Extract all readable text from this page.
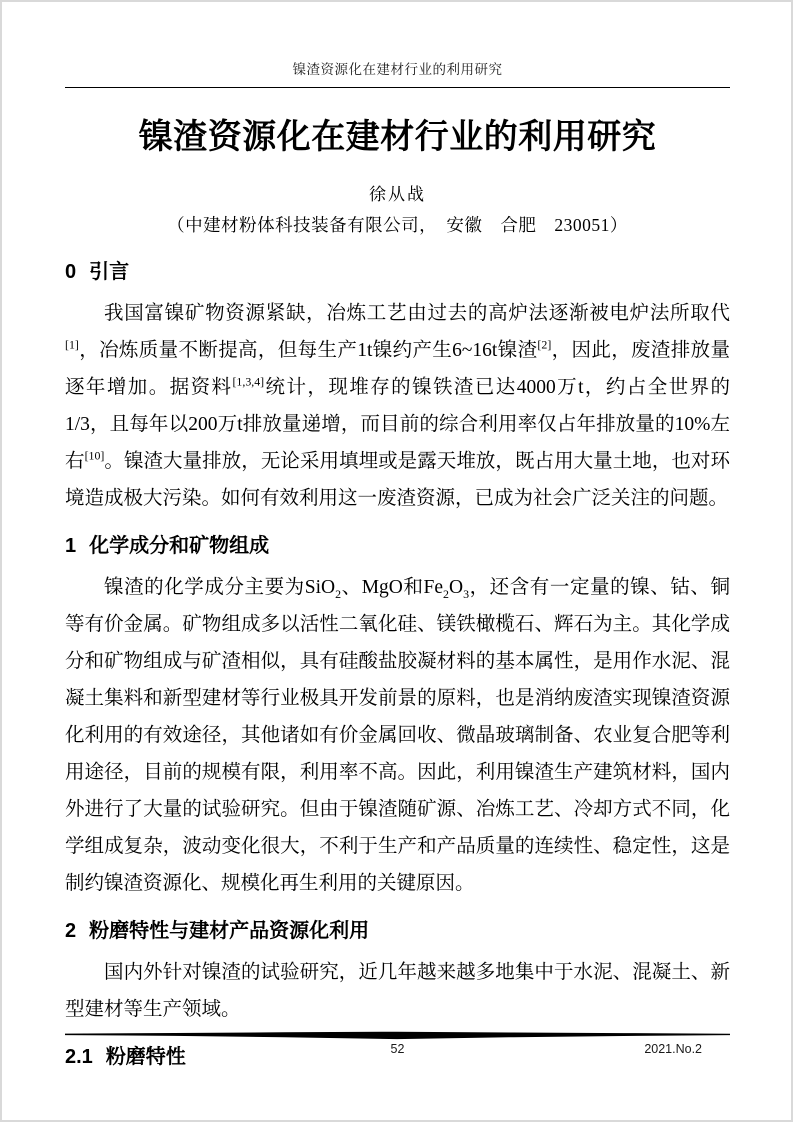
镍渣资源化在建材行业的利用研究
镍渣资源化在建材行业的利用研究
徐从战
（中建材粉体科技装备有限公司，　安徽　合肥　230051）
0 引言

我国富镍矿物资源紧缺，冶炼工艺由过去的高炉法逐渐被电炉法所取代[1]，冶炼质量不断提高，但每生产1t镍约产生6~16t镍渣[2]，因此，废渣排放量逐年增加。据资料[1,3,4]统计，现堆存的镍铁渣已达4000万t，约占全世界的1/3，且每年以200万t排放量递增，而目前的综合利用率仅占年排放量的10%左右[10]。镍渣大量排放，无论采用填埋或是露天堆放，既占用大量土地，也对环境造成极大污染。如何有效利用这一废渣资源，已成为社会广泛关注的问题。

1 化学成分和矿物组成

镍渣的化学成分主要为SiO$_2$、MgO和$Fe_2O_3$，还含有一定量的镍、钴、铜等有价金属。矿物组成多以活性二氧化硅、镁铁橄榄石、辉石为主。其化学成分和矿物组成与矿渣相似，具有硅酸盐胶凝材料的基本属性，是用作水泥、混凝土集料和新型建材等行业极具开发前景的原料，也是消纳废渣实现镍渣资源化利用的有效途径，其他诸如有价金属回收、微晶玻璃制备、农业复合肥等利用途径，目前的规模有限，利用率不高。因此，利用镍渣生产建筑材料，国内外进行了大量的试验研究。但由于镍渣随矿源、冶炼工艺、冷却方式不同，化学组成复杂，波动变化很大，不利于生产和产品质量的连续性、稳定性，这是制约镍渣资源化、规模化再生利用的关键原因。

2 粉磨特性与建材产品资源化利用

国内外针对镍渣的试验研究，近几年越来越多地集中于水泥、混凝土、新型建材等生产领域。

2.1 粉磨特性	52	2021.No.2
